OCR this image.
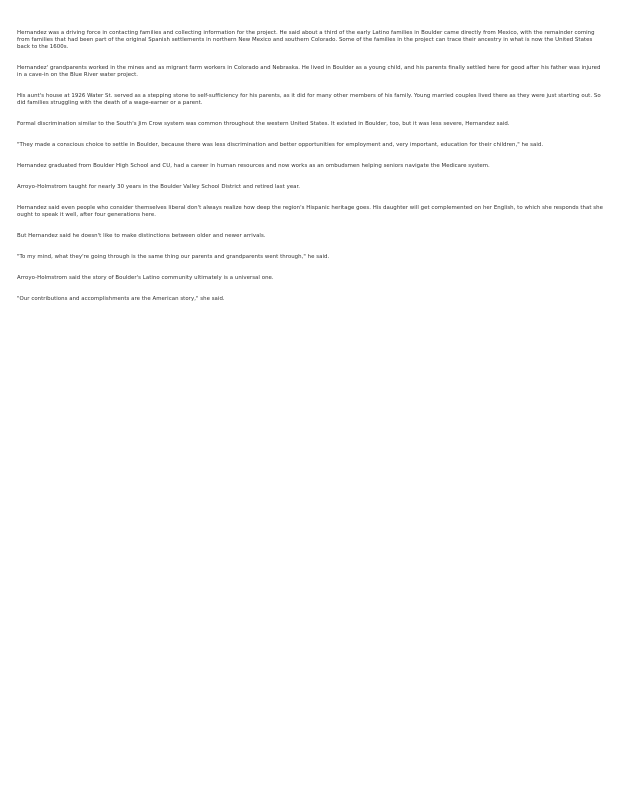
Hernandez was a driving force in contacting families and collecting information for the project. He said about a third of the early Latino families in Boulder came directly from Mexico, with the remainder coming from families that had been part of the original Spanish settlements in northern New Mexico and southern Colorado. Some of the families in the project can trace their ancestry in what is now the United States back to the 1600s.

Hernandez' grandparents worked in the mines and as migrant farm workers in Colorado and Nebraska. He lived in Boulder as a young child, and his parents finally settled here for good after his father was injured in a cave-in on the Blue River water project.

His aunt's house at 1926 Water St. served as a stepping stone to self-sufficiency for his parents, as it did for many other members of his family. Young married couples lived there as they were just starting out. So did families struggling with the death of a wage-earner or a parent.

Formal discrimination similar to the South's Jim Crow system was common throughout the western United States. It existed in Boulder, too, but it was less severe, Hernandez said.

"They made a conscious choice to settle in Boulder, because there was less discrimination and better opportunities for employment and, very important, education for their children," he said.

Hernandez graduated from Boulder High School and CU, had a career in human resources and now works as an ombudsmen helping seniors navigate the Medicare system.

Arroyo-Holmstrom taught for nearly 30 years in the Boulder Valley School District and retired last year.

Hernandez said even people who consider themselves liberal don't always realize how deep the region's Hispanic heritage goes. His daughter will get complemented on her English, to which she responds that she ought to speak it well, after four generations here.

But Hernandez said he doesn't like to make distinctions between older and newer arrivals.

"To my mind, what they're going through is the same thing our parents and grandparents went through," he said.

Arroyo-Holmstrom said the story of Boulder's Latino community ultimately is a universal one.

"Our contributions and accomplishments are the American story," she said.
